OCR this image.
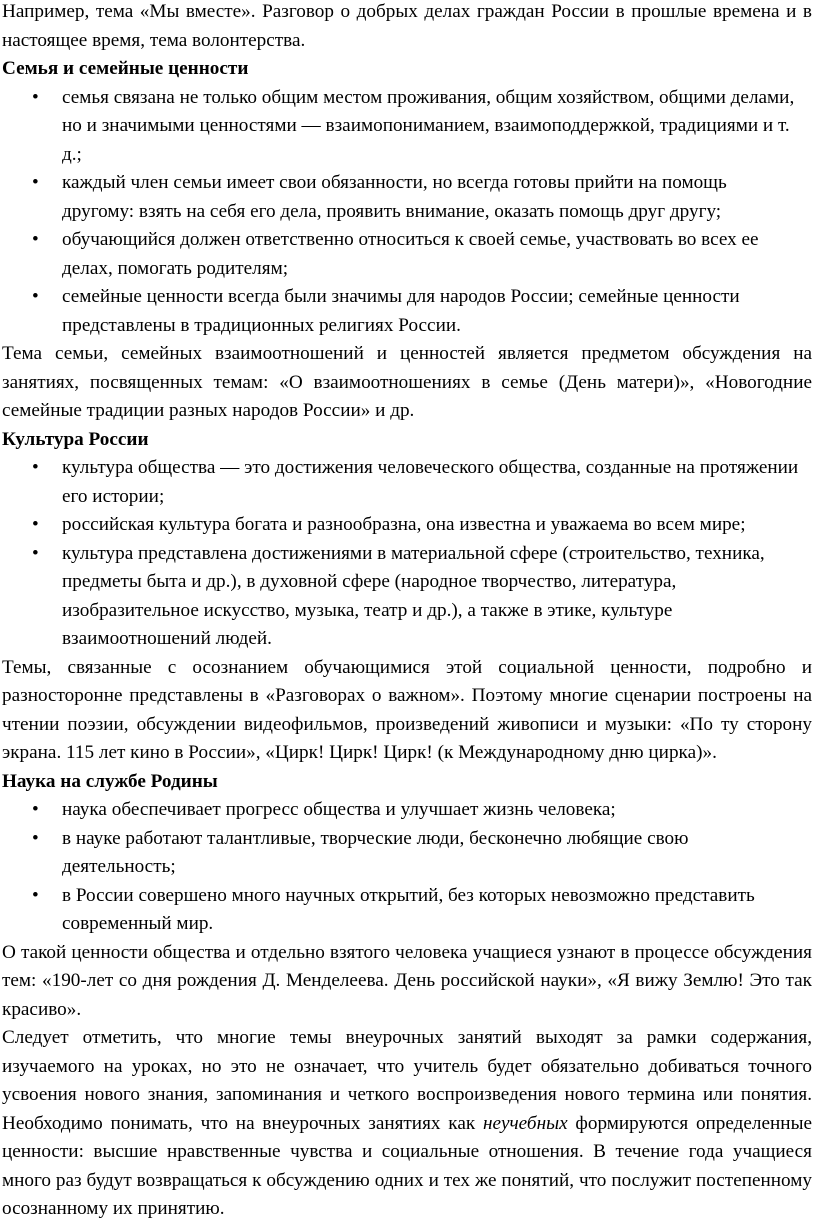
Например, тема «Мы вместе». Разговор о добрых делах граждан России в прошлые времена и в настоящее время, тема волонтерства.

Семья и семейные ценности
• семья связана не только общим местом проживания, общим хозяйством, общими делами, но и значимыми ценностями — взаимопониманием, взаимоподдержкой, традициями и т. д.;
• каждый член семьи имеет свои обязанности, но всегда готовы прийти на помощь другому: взять на себя его дела, проявить внимание, оказать помощь друг другу;
• обучающийся должен ответственно относиться к своей семье, участвовать во всех ее делах, помогать родителям;
• семейные ценности всегда были значимы для народов России; семейные ценности представлены в традиционных религиях России.

Тема семьи, семейных взаимоотношений и ценностей является предметом обсуждения на занятиях, посвященных темам: «О взаимоотношениях в семье (День матери)», «Новогодние семейные традиции разных народов России» и др.

Культура России
• культура общества — это достижения человеческого общества, созданные на протяжении его истории;
• российская культура богата и разнообразна, она известна и уважаема во всем мире;
• культура представлена достижениями в материальной сфере (строительство, техника, предметы быта и др.), в духовной сфере (народное творчество, литература, изобразительное искусство, музыка, театр и др.), а также в этике, культуре взаимоотношений людей.

Темы, связанные с осознанием обучающимися этой социальной ценности, подробно и разносторонне представлены в «Разговорах о важном». Поэтому многие сценарии построены на чтении поэзии, обсуждении видеофильмов, произведений живописи и музыки: «По ту сторону экрана. 115 лет кино в России», «Цирк! Цирк! Цирк! (к Международному дню цирка)».

Наука на службе Родины
• наука обеспечивает прогресс общества и улучшает жизнь человека;
• в науке работают талантливые, творческие люди, бесконечно любящие свою деятельность;
• в России совершено много научных открытий, без которых невозможно представить современный мир.

О такой ценности общества и отдельно взятого человека учащиеся узнают в процессе обсуждения тем: «190-лет со дня рождения Д. Менделеева. День российской науки», «Я вижу Землю! Это так красиво».

Следует отметить, что многие темы внеурочных занятий выходят за рамки содержания, изучаемого на уроках, но это не означает, что учитель будет обязательно добиваться точного усвоения нового знания, запоминания и четкого воспроизведения нового термина или понятия. Необходимо понимать, что на внеурочных занятиях как неучебных формируются определенные ценности: высшие нравственные чувства и социальные отношения. В течение года учащиеся много раз будут возвращаться к обсуждению одних и тех же понятий, что послужит постепенному осознанному их принятию.
